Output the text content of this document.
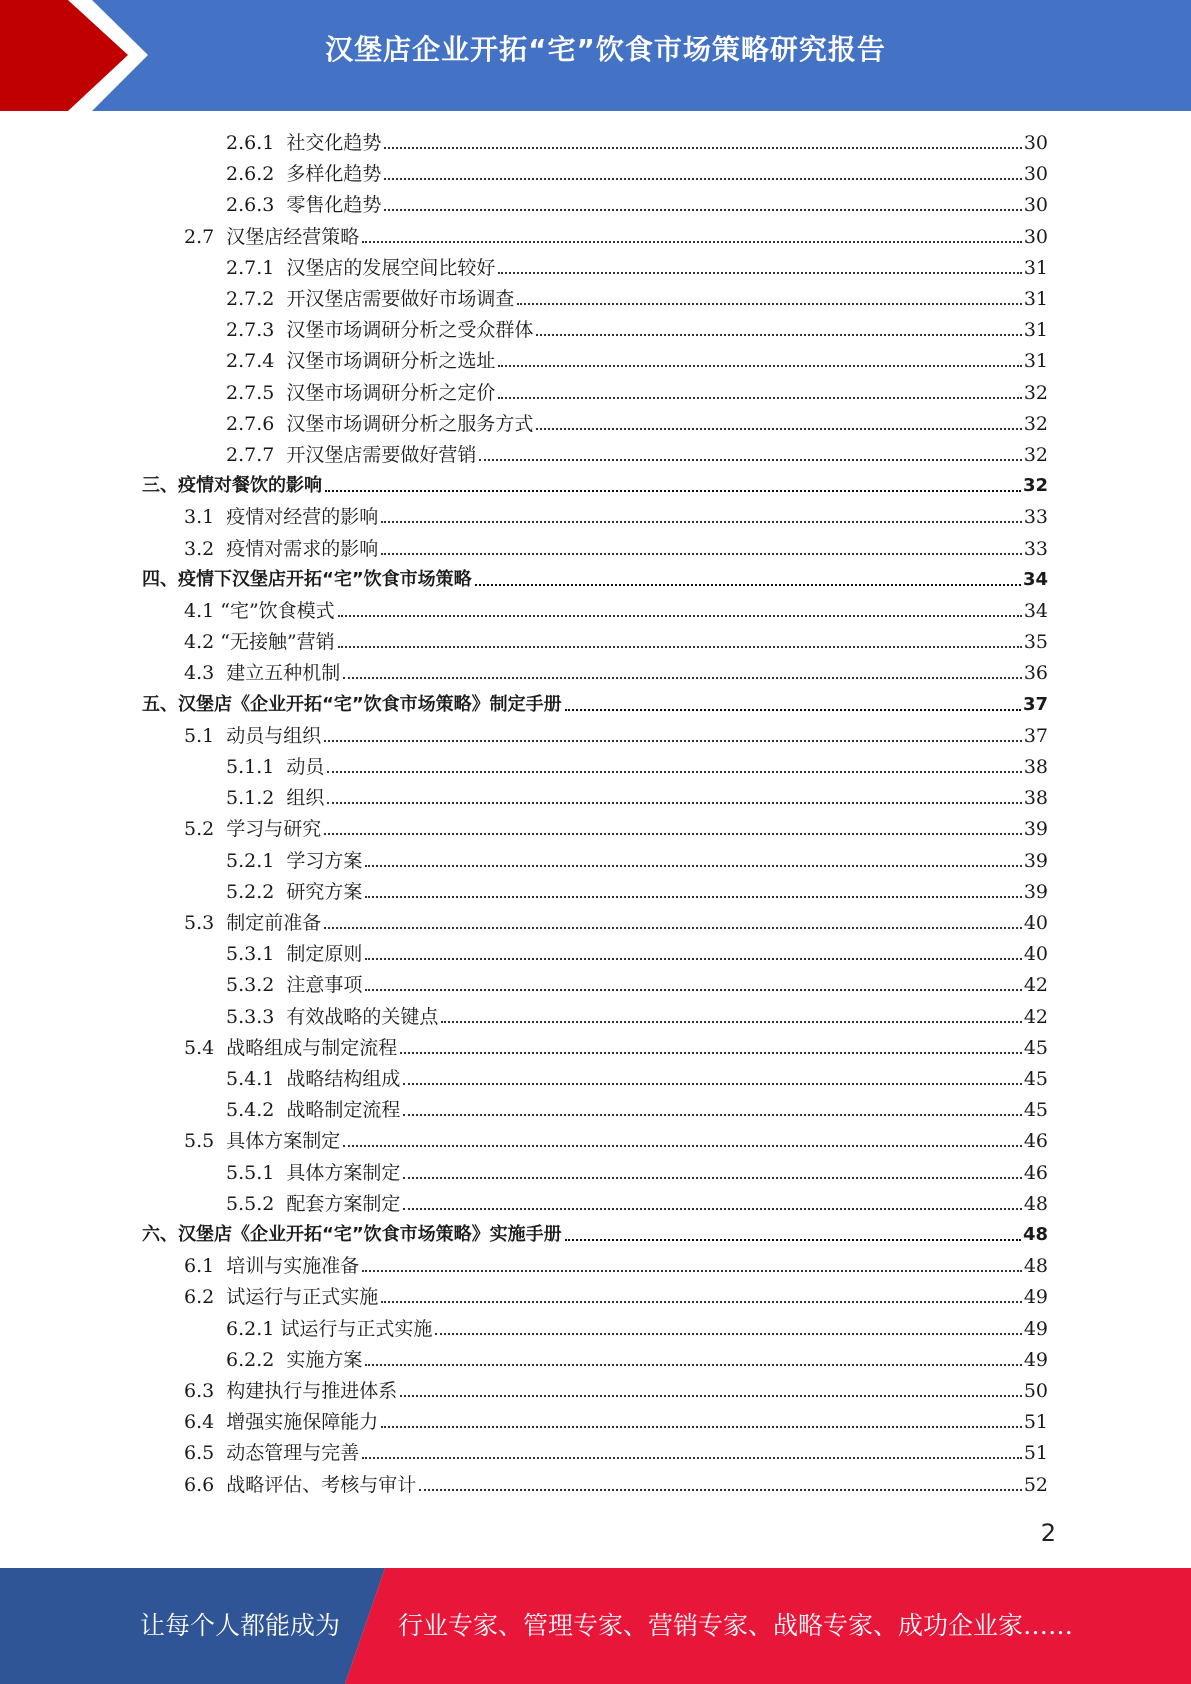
汉堡店企业开拓“宅”饮食市场策略研究报告
2.6.1  社交化趋势	30
2.6.2  多样化趋势	30
2.6.3  零售化趋势	30
2.7  汉堡店经营策略	30
2.7.1  汉堡店的发展空间比较好	31
2.7.2  开汉堡店需要做好市场调查	31
2.7.3  汉堡市场调研分析之受众群体	31
2.7.4  汉堡市场调研分析之选址	31
2.7.5  汉堡市场调研分析之定价	32
2.7.6  汉堡市场调研分析之服务方式	32
2.7.7  开汉堡店需要做好营销	32
三、疫情对餐饮的影响	32
3.1  疫情对经营的影响	33
3.2  疫情对需求的影响	33
四、疫情下汉堡店开拓“宅”饮食市场策略	34
4.1 “宅”饮食模式	34
4.2 “无接触”营销	35
4.3  建立五种机制	36
五、汉堡店《企业开拓“宅”饮食市场策略》制定手册	37
5.1  动员与组织	37
5.1.1  动员	38
5.1.2  组织	38
5.2  学习与研究	39
5.2.1  学习方案	39
5.2.2  研究方案	39
5.3  制定前准备	40
5.3.1  制定原则	40
5.3.2  注意事项	42
5.3.3  有效战略的关键点	42
5.4  战略组成与制定流程	45
5.4.1  战略结构组成	45
5.4.2  战略制定流程	45
5.5  具体方案制定	46
5.5.1  具体方案制定	46
5.5.2  配套方案制定	48
六、汉堡店《企业开拓“宅”饮食市场策略》实施手册	48
6.1  培训与实施准备	48
6.2  试运行与正式实施	49
6.2.1 试运行与正式实施	49
6.2.2  实施方案	49
6.3  构建执行与推进体系	50
6.4  增强实施保障能力	51
6.5  动态管理与完善	51
6.6  战略评估、考核与审计	52
2
让每个人都能成为 行业专家、管理专家、营销专家、战略专家、成功企业家……
